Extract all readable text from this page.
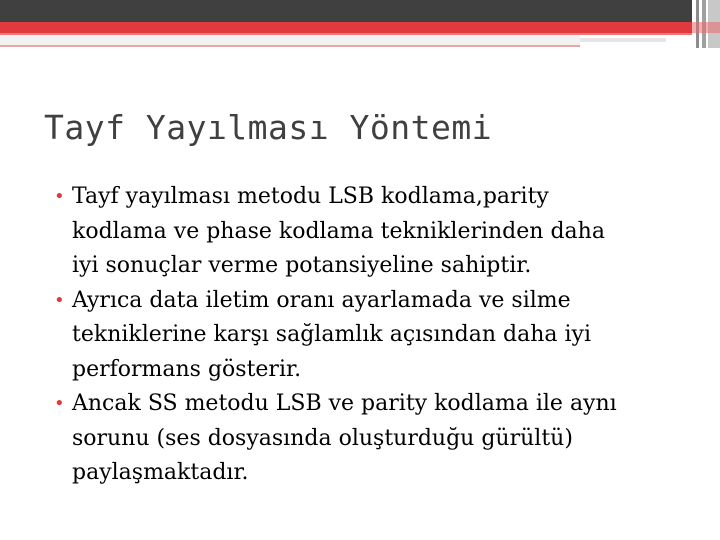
Tayf Yayılması Yöntemi
• Tayf yayılması metodu LSB kodlama,parity
kodlama ve phase kodlama tekniklerinden daha
iyi sonuçlar verme potansiyeline sahiptir.
• Ayrıca data iletim oranı ayarlamada ve silme
tekniklerine karşı sağlamlık açısından daha iyi
performans gösterir.
• Ancak SS metodu LSB ve parity kodlama ile aynı
sorunu (ses dosyasında oluşturduğu gürültü)
paylaşmaktadır.
